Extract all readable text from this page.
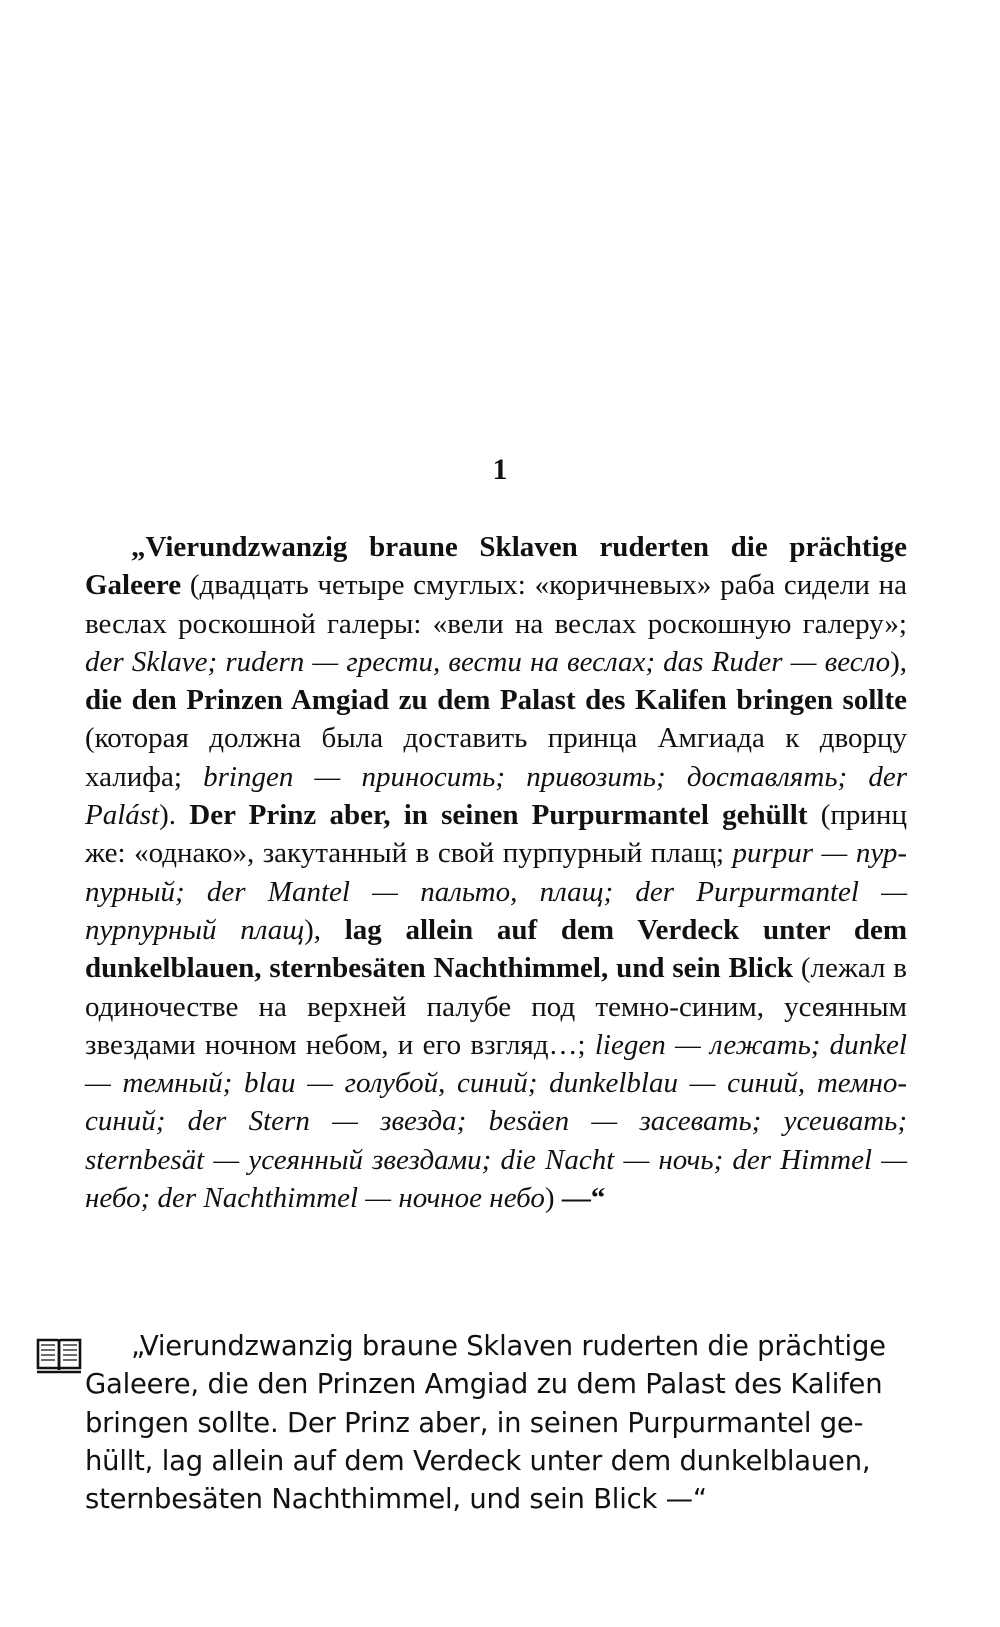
1

„Vierundzwanzig braune Sklaven ruderten die prächtige Galeere (двадцать четыре смуглых: «коричневых» раба сидели на веслах роскошной галеры: «вели на веслах роскошную галеру»; der Sklave; rudern — грести, вести на веслах; das Ruder — весло), die den Prinzen Amgiad zu dem Palast des Kalifen bringen sollte (которая должна была доставить принца Амгиада к дворцу халифа; bringen — приносить; привозить; доставлять; der Palást). Der Prinz aber, in seinen Purpurmantel gehüllt (принц же: «однако», закутанный в свой пурпурный плащ; purpur — пурпурный; der Mantel — пальто, плащ; der Purpurmantel — пурпурный плащ), lag allein auf dem Verdeck unter dem dunkelblauen, sternbesäten Nachthimmel, und sein Blick (лежал в одиночестве на верхней палубе под темно-синим, усеянным звездами ночном небом, и его взгляд…; liegen — лежать; dunkel — темный; blau — голубой, синий; dunkelblau — синий, темно-синий; der Stern — звезда; besäen — засевать; усеивать; sternbesät — усеянный звездами; die Nacht — ночь; der Himmel — небо; der Nachthimmel — ночное небо) —“

„Vierundzwanzig braune Sklaven ruderten die prächtige Galeere, die den Prinzen Amgiad zu dem Palast des Kalifen bringen sollte. Der Prinz aber, in seinen Purpurmantel gehüllt, lag allein auf dem Verdeck unter dem dunkelblauen, sternbesäten Nachthimmel, und sein Blick —“
